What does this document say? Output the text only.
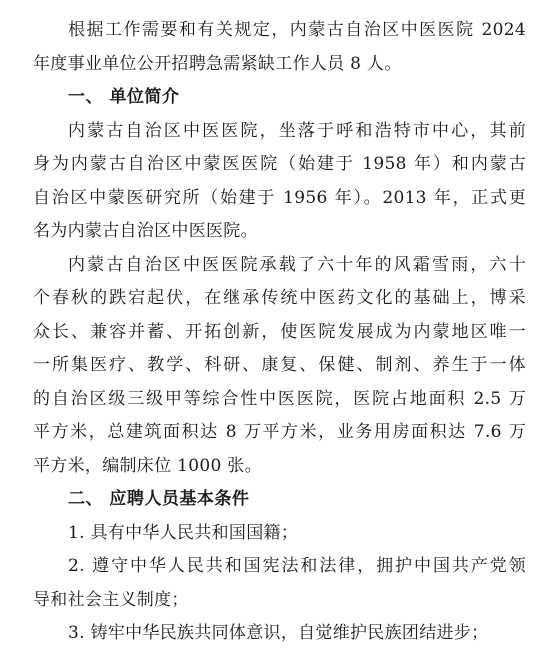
根据工作需要和有关规定，内蒙古自治区中医医院 2024
年度事业单位公开招聘急需紧缺工作人员 8 人。
一、 单位简介
内蒙古自治区中医医院，坐落于呼和浩特市中心，其前
身为内蒙古自治区中蒙医医院（始建于 1958 年）和内蒙古
自治区中蒙医研究所（始建于 1956 年）。2013 年，正式更
名为内蒙古自治区中医医院。
内蒙古自治区中医医院承载了六十年的风霜雪雨，六十
个春秋的跌宕起伏，在继承传统中医药文化的基础上，博采
众长、兼容并蓄、开拓创新，使医院发展成为内蒙地区唯一
一所集医疗、教学、科研、康复、保健、制剂、养生于一体
的自治区级三级甲等综合性中医医院，医院占地面积 2.5 万
平方米，总建筑面积达 8 万平方米，业务用房面积达 7.6 万
平方米，编制床位 1000 张。
二、 应聘人员基本条件
1. 具有中华人民共和国国籍；
2. 遵守中华人民共和国宪法和法律，拥护中国共产党领
导和社会主义制度；
3. 铸牢中华民族共同体意识，自觉维护民族团结进步；
